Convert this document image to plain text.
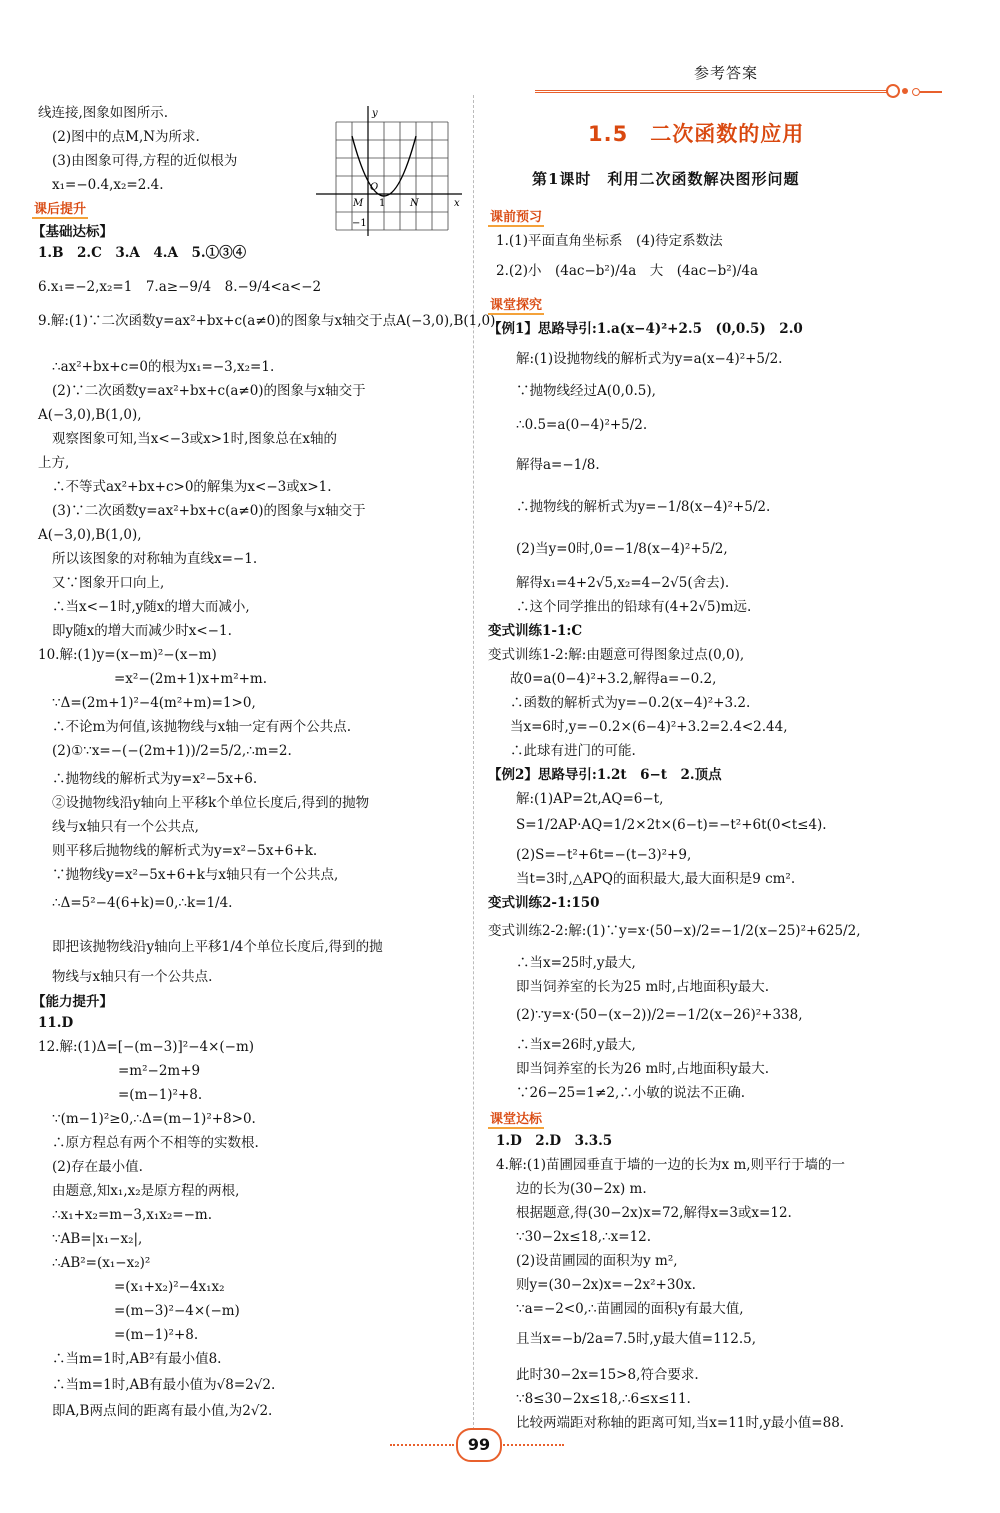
参考答案
线连接,图象如图所示.
(2)图中的点M,N为所求.
(3)由图象可得,方程的近似根为
x₁=−0.4,x₂=2.4.
y
x
O
M	N
1
−1
课后提升
【基础达标】
1.B　2.C　3.A　4.A　5.①③④
6.x₁=−2,x₂=1　7.a≥−9/4　8.−9/4<a<−2
9.解:(1)∵二次函数y=ax²+bx+c(a≠0)的图象与x轴交于点A(−3,0),B(1,0),
∴ax²+bx+c=0的根为x₁=−3,x₂=1.
(2)∵二次函数y=ax²+bx+c(a≠0)的图象与x轴交于
A(−3,0),B(1,0),
观察图象可知,当x<−3或x>1时,图象总在x轴的
上方,
∴不等式ax²+bx+c>0的解集为x<−3或x>1.
(3)∵二次函数y=ax²+bx+c(a≠0)的图象与x轴交于
A(−3,0),B(1,0),
所以该图象的对称轴为直线x=−1.
又∵图象开口向上,
∴当x<−1时,y随x的增大而减小,
即y随x的增大而减少时x<−1.
10.解:(1)y=(x−m)²−(x−m)
=x²−(2m+1)x+m²+m.
∵Δ=(2m+1)²−4(m²+m)=1>0,
∴不论m为何值,该抛物线与x轴一定有两个公共点.
(2)①∵x=−(−(2m+1))/2=5/2,∴m=2.
∴抛物线的解析式为y=x²−5x+6.
②设抛物线沿y轴向上平移k个单位长度后,得到的抛物
线与x轴只有一个公共点,
则平移后抛物线的解析式为y=x²−5x+6+k.
∵抛物线y=x²−5x+6+k与x轴只有一个公共点,
∴Δ=5²−4(6+k)=0,∴k=1/4.
即把该抛物线沿y轴向上平移1/4个单位长度后,得到的抛
物线与x轴只有一个公共点.
【能力提升】
11.D
12.解:(1)Δ=[−(m−3)]²−4×(−m)
=m²−2m+9
=(m−1)²+8.
∵(m−1)²≥0,∴Δ=(m−1)²+8>0.
∴原方程总有两个不相等的实数根.
(2)存在最小值.
由题意,知x₁,x₂是原方程的两根,
∴x₁+x₂=m−3,x₁x₂=−m.
∵AB=|x₁−x₂|,
∴AB²=(x₁−x₂)²
=(x₁+x₂)²−4x₁x₂
=(m−3)²−4×(−m)
=(m−1)²+8.
∴当m=1时,AB²有最小值8.
∴当m=1时,AB有最小值为√8=2√2.
即A,B两点间的距离有最小值,为2√2.
1.5　二次函数的应用
第1课时　利用二次函数解决图形问题
课前预习
1.(1)平面直角坐标系　(4)待定系数法
2.(2)小　(4ac−b²)/4a　大　(4ac−b²)/4a
课堂探究
【例1】思路导引:1.a(x−4)²+2.5　(0,0.5)　2.0
解:(1)设抛物线的解析式为y=a(x−4)²+5/2.
∵抛物线经过A(0,0.5),
∴0.5=a(0−4)²+5/2.
解得a=−1/8.
∴抛物线的解析式为y=−1/8(x−4)²+5/2.
(2)当y=0时,0=−1/8(x−4)²+5/2,
解得x₁=4+2√5,x₂=4−2√5(舍去).
∴这个同学推出的铅球有(4+2√5)m远.
变式训练1-1:C
变式训练1-2:解:由题意可得图象过点(0,0),
故0=a(0−4)²+3.2,解得a=−0.2,
∴函数的解析式为y=−0.2(x−4)²+3.2.
当x=6时,y=−0.2×(6−4)²+3.2=2.4<2.44,
∴此球有进门的可能.
【例2】思路导引:1.2t　6−t　2.顶点
解:(1)AP=2t,AQ=6−t,
S=1/2AP·AQ=1/2×2t×(6−t)=−t²+6t(0<t≤4).
(2)S=−t²+6t=−(t−3)²+9,
当t=3时,△APQ的面积最大,最大面积是9 cm².
变式训练2-1:150
变式训练2-2:解:(1)∵y=x·(50−x)/2=−1/2(x−25)²+625/2,
∴当x=25时,y最大,
即当饲养室的长为25 m时,占地面积y最大.
(2)∵y=x·(50−(x−2))/2=−1/2(x−26)²+338,
∴当x=26时,y最大,
即当饲养室的长为26 m时,占地面积y最大.
∵26−25=1≠2,∴小敏的说法不正确.
课堂达标
1.D　2.D　3.3.5
4.解:(1)苗圃园垂直于墙的一边的长为x m,则平行于墙的一
边的长为(30−2x) m.
根据题意,得(30−2x)x=72,解得x=3或x=12.
∵30−2x≤18,∴x=12.
(2)设苗圃园的面积为y m²,
则y=(30−2x)x=−2x²+30x.
∵a=−2<0,∴苗圃园的面积y有最大值,
且当x=−b/2a=7.5时,y最大值=112.5,
此时30−2x=15>8,符合要求.
∵8≤30−2x≤18,∴6≤x≤11.
比较两端距对称轴的距离可知,当x=11时,y最小值=88.
99
